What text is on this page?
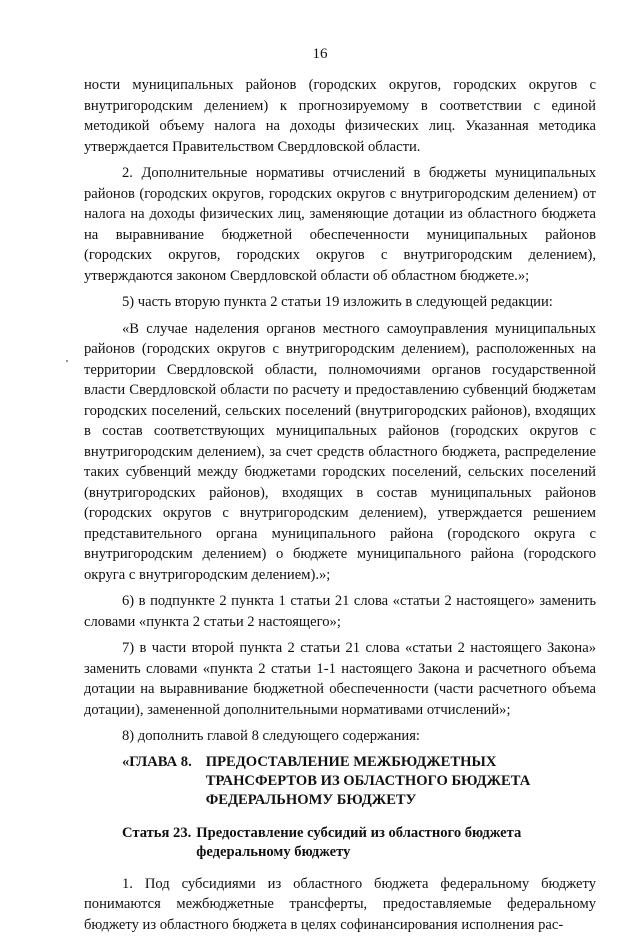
16

ности муниципальных районов (городских округов, городских округов с внутригородским делением) к прогнозируемому в соответствии с единой методикой объему налога на доходы физических лиц. Указанная методика утверждается Правительством Свердловской области.

2. Дополнительные нормативы отчислений в бюджеты муниципальных районов (городских округов, городских округов с внутригородским делением) от налога на доходы физических лиц, заменяющие дотации из областного бюджета на выравнивание бюджетной обеспеченности муниципальных районов (городских округов, городских округов с внутригородским делением), утверждаются законом Свердловской области об областном бюджете.»;

5) часть вторую пункта 2 статьи 19 изложить в следующей редакции:

«В случае наделения органов местного самоуправления муниципальных районов (городских округов с внутригородским делением), расположенных на территории Свердловской области, полномочиями органов государственной власти Свердловской области по расчету и предоставлению субвенций бюджетам городских поселений, сельских поселений (внутригородских районов), входящих в состав соответствующих муниципальных районов (городских округов с внутригородским делением), за счет средств областного бюджета, распределение таких субвенций между бюджетами городских поселений, сельских поселений (внутригородских районов), входящих в состав муниципальных районов (городских округов с внутригородским делением), утверждается решением представительного органа муниципального района (городского округа с внутригородским делением) о бюджете муниципального района (городского округа с внутригородским делением).»;

6) в подпункте 2 пункта 1 статьи 21 слова «статьи 2 настоящего» заменить словами «пункта 2 статьи 2 настоящего»;

7) в части второй пункта 2 статьи 21 слова «статьи 2 настоящего Закона» заменить словами «пункта 2 статьи 1-1 настоящего Закона и расчетного объема дотации на выравнивание бюджетной обеспеченности (части расчетного объема дотации), замененной дополнительными нормативами отчислений»;

8) дополнить главой 8 следующего содержания:

«ГЛАВА 8. ПРЕДОСТАВЛЕНИЕ МЕЖБЮДЖЕТНЫХ ТРАНСФЕРТОВ ИЗ ОБЛАСТНОГО БЮДЖЕТА ФЕДЕРАЛЬНОМУ БЮДЖЕТУ
Статья 23. Предоставление субсидий из областного бюджета федеральному бюджету

1. Под субсидиями из областного бюджета федеральному бюджету понимаются межбюджетные трансферты, предоставляемые федеральному бюджету из областного бюджета в целях софинансирования исполнения рас-
